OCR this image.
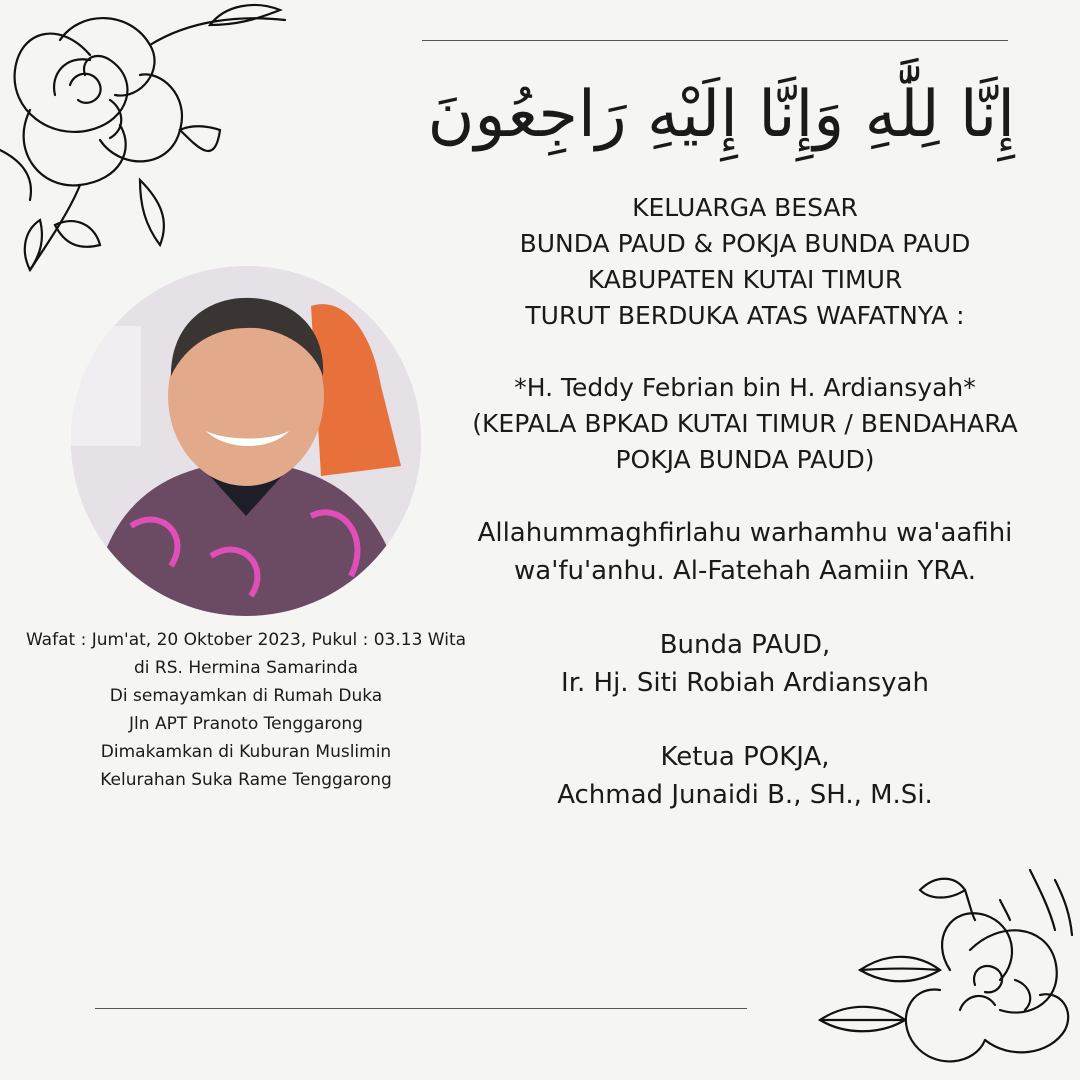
إِنَّا لِلَّٰهِ وَإِنَّا إِلَيْهِ رَاجِعُونَ
KELUARGA BESAR
BUNDA PAUD & POKJA BUNDA PAUD
KABUPATEN KUTAI TIMUR
TURUT BERDUKA ATAS WAFATNYA :
*H. Teddy Febrian bin H. Ardiansyah*
(KEPALA BPKAD KUTAI TIMUR / BENDAHARA
POKJA BUNDA PAUD)
Allahummaghfirlahu warhamhu wa'aafihi
wa'fu'anhu. Al-Fatehah Aamiin YRA.
Bunda PAUD,
Ir. Hj. Siti Robiah Ardiansyah
Ketua POKJA,
Achmad Junaidi B., SH., M.Si.
Wafat : Jum'at, 20 Oktober 2023, Pukul : 03.13 Wita
di RS. Hermina Samarinda
Di semayamkan di Rumah Duka
Jln APT Pranoto Tenggarong
Dimakamkan di Kuburan Muslimin
Kelurahan Suka Rame Tenggarong
